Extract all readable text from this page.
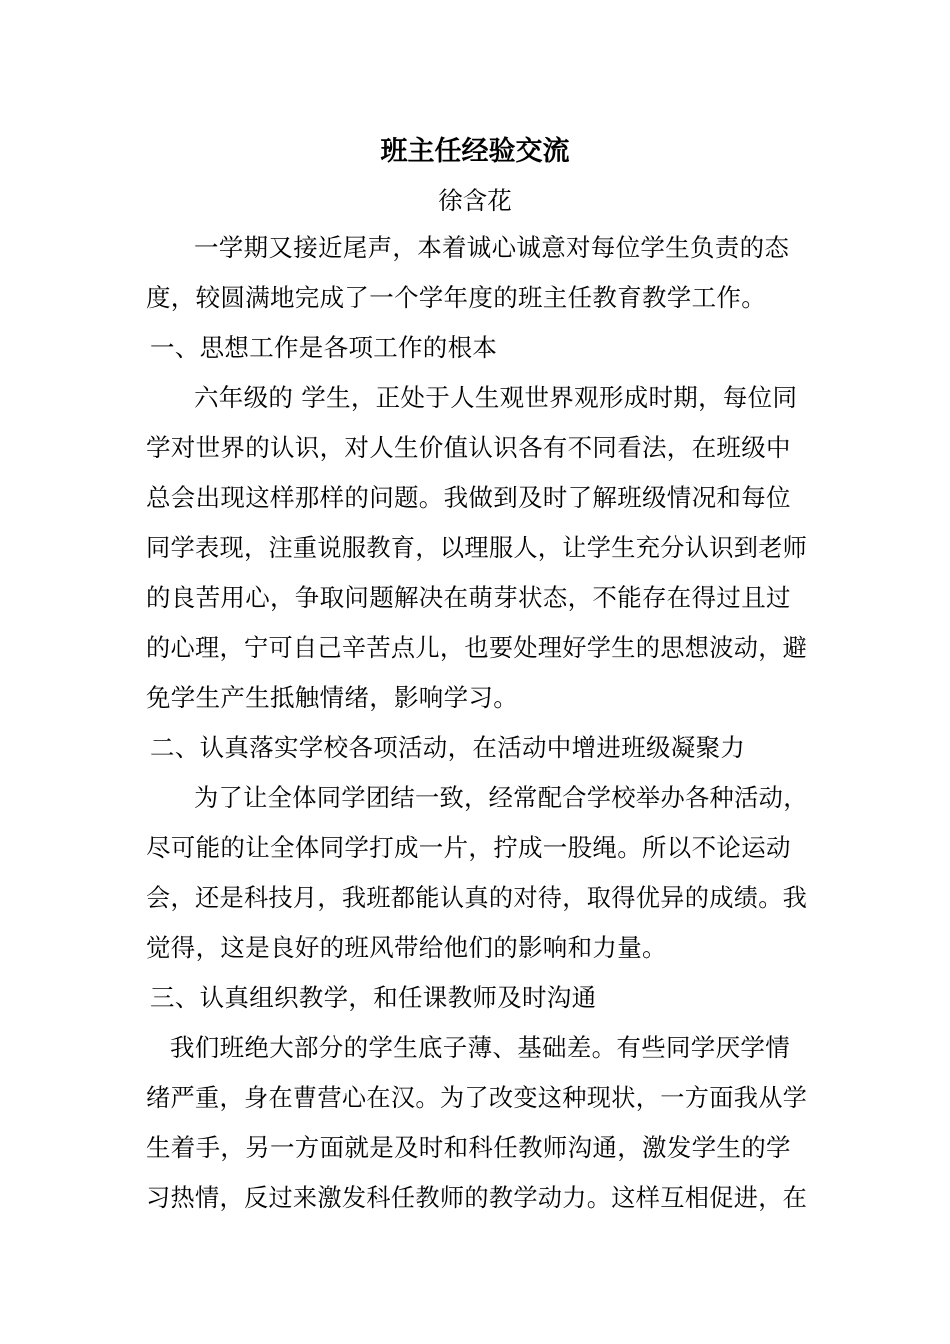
班主任经验交流
徐含花
一学期又接近尾声，本着诚心诚意对每位学生负责的态
度，较圆满地完成了一个学年度的班主任教育教学工作。
一、思想工作是各项工作的根本
六年级的 学生，正处于人生观世界观形成时期，每位同
学对世界的认识，对人生价值认识各有不同看法，在班级中
总会出现这样那样的问题。我做到及时了解班级情况和每位
同学表现，注重说服教育，以理服人，让学生充分认识到老师
的良苦用心，争取问题解决在萌芽状态，不能存在得过且过
的心理，宁可自己辛苦点儿，也要处理好学生的思想波动，避
免学生产生抵触情绪，影响学习。
二、认真落实学校各项活动，在活动中增进班级凝聚力
为了让全体同学团结一致，经常配合学校举办各种活动，
尽可能的让全体同学打成一片，拧成一股绳。所以不论运动
会，还是科技月，我班都能认真的对待，取得优异的成绩。我
觉得，这是良好的班风带给他们的影响和力量。
三、认真组织教学，和任课教师及时沟通
我们班绝大部分的学生底子薄、基础差。有些同学厌学情
绪严重，身在曹营心在汉。为了改变这种现状，一方面我从学
生着手，另一方面就是及时和科任教师沟通，激发学生的学
习热情，反过来激发科任教师的教学动力。这样互相促进，在
